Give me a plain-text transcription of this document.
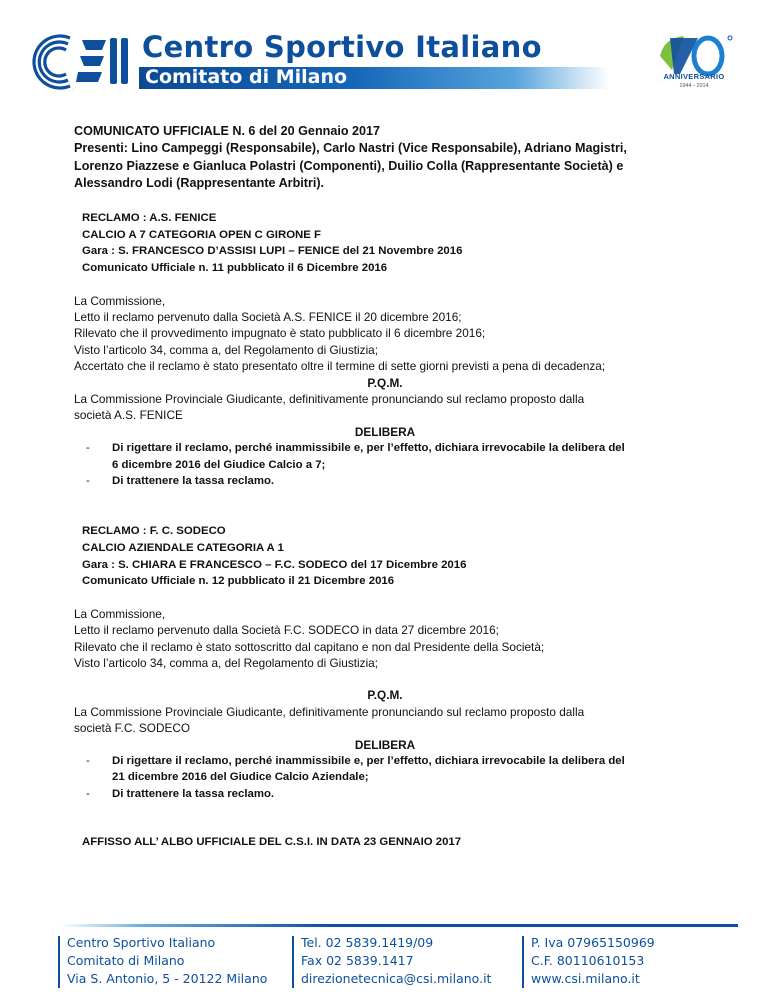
CSI
Centro Sportivo Italiano
Comitato di Milano	70
ANNIVERSARIO
1944 - 2014
COMUNICATO UFFICIALE N. 6 del 20 Gennaio 2017
Presenti: Lino Campeggi (Responsabile), Carlo Nastri (Vice Responsabile), Adriano Magistri,
Lorenzo Piazzese e Gianluca Polastri (Componenti), Duilio Colla (Rappresentante Società) e
Alessandro Lodi (Rappresentante Arbitri).
RECLAMO : A.S. FENICE
CALCIO A 7 CATEGORIA OPEN C GIRONE F
Gara : S. FRANCESCO D’ASSISI LUPI – FENICE del 21 Novembre 2016
Comunicato Ufficiale n. 11 pubblicato il 6 Dicembre 2016
La Commissione,
Letto il reclamo pervenuto dalla Società A.S. FENICE il 20 dicembre 2016;
Rilevato che il provvedimento impugnato è stato pubblicato il 6 dicembre 2016;
Visto l’articolo 34, comma a, del Regolamento di Giustizia;
Accertato che il reclamo è stato presentato oltre il termine di sette giorni previsti a pena di decadenza;
P.Q.M.
La Commissione Provinciale Giudicante, definitivamente pronunciando sul reclamo proposto dalla
società A.S. FENICE
DELIBERA
- Di rigettare il reclamo, perché inammissibile e, per l’effetto, dichiara irrevocabile la delibera del
6 dicembre 2016 del Giudice Calcio a 7;
- Di trattenere la tassa reclamo.
RECLAMO : F. C. SODECO
CALCIO AZIENDALE CATEGORIA A 1
Gara : S. CHIARA E FRANCESCO – F.C. SODECO del 17 Dicembre 2016
Comunicato Ufficiale n. 12 pubblicato il 21 Dicembre 2016
La Commissione,
Letto il reclamo pervenuto dalla Società F.C. SODECO in data 27 dicembre 2016;
Rilevato che il reclamo è stato sottoscritto dal capitano e non dal Presidente della Società;
Visto l’articolo 34, comma a, del Regolamento di Giustizia;
P.Q.M.
La Commissione Provinciale Giudicante, definitivamente pronunciando sul reclamo proposto dalla
società F.C. SODECO
DELIBERA
- Di rigettare il reclamo, perché inammissibile e, per l’effetto, dichiara irrevocabile la delibera del
21 dicembre 2016 del Giudice Calcio Aziendale;
- Di trattenere la tassa reclamo.
AFFISSO ALL’ ALBO UFFICIALE DEL C.S.I. IN DATA 23 GENNAIO 2017
Centro Sportivo Italiano
Comitato di Milano
Via S. Antonio, 5 - 20122 Milano
Tel. 02 5839.1419/09
Fax 02 5839.1417
direzionetecnica@csi.milano.it
P. Iva 07965150969
C.F. 80110610153
www.csi.milano.it
